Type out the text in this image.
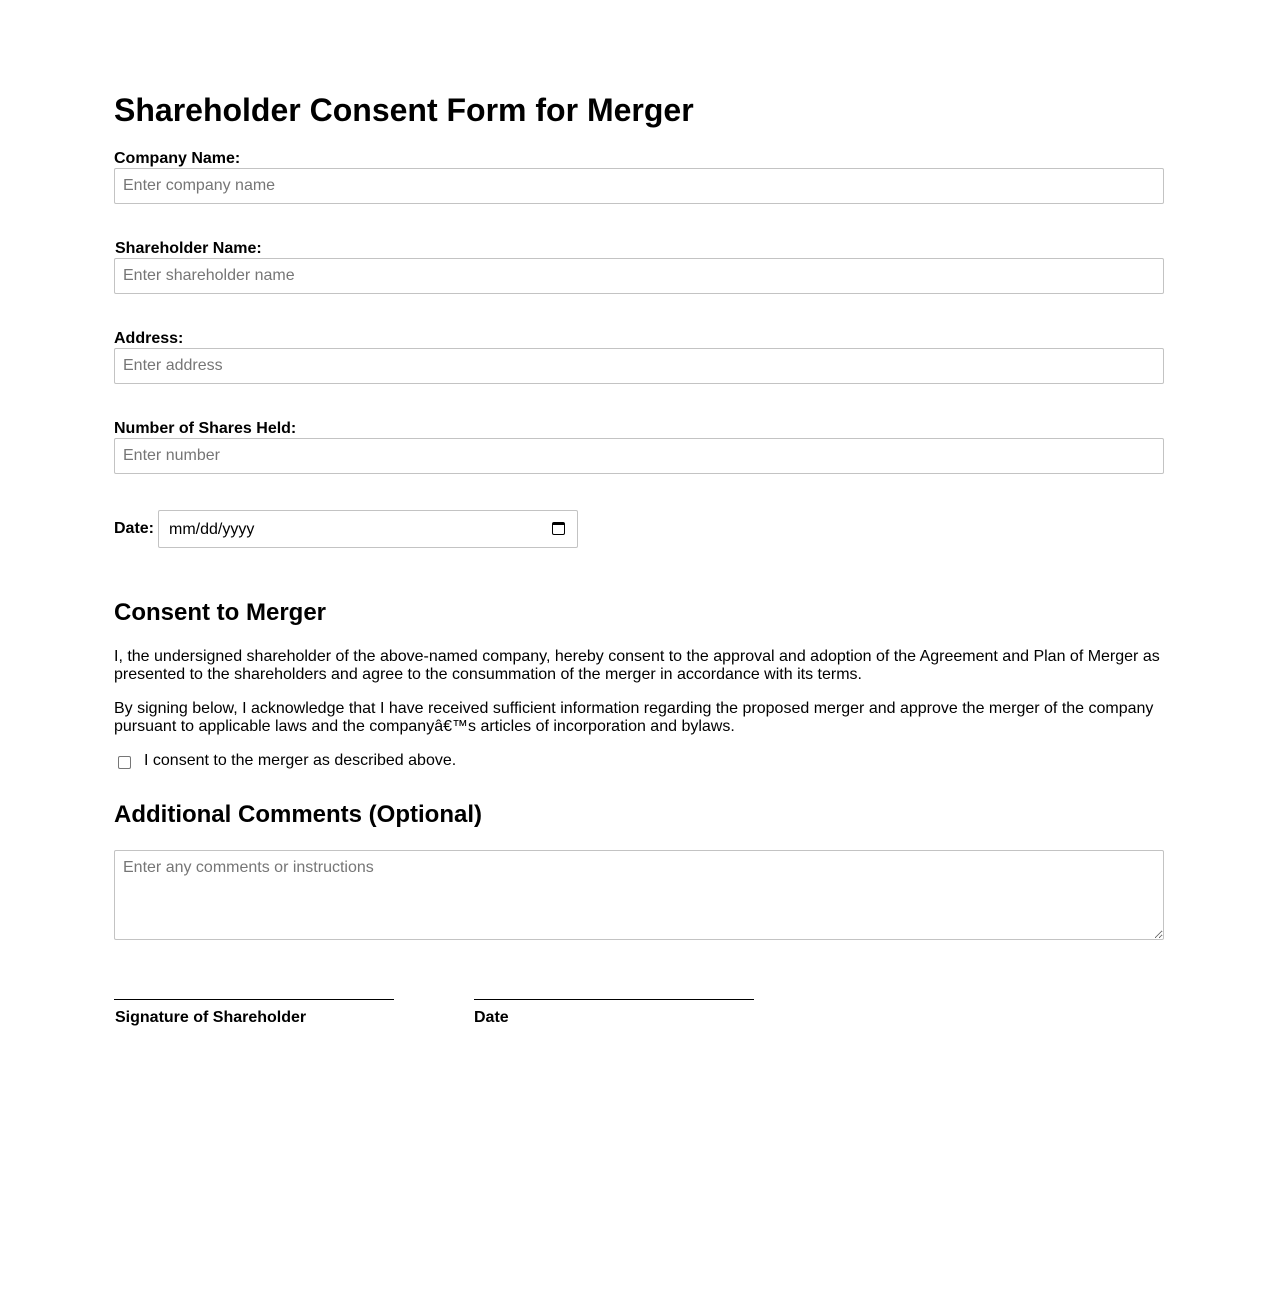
Shareholder Consent Form for Merger
Company Name:
Enter company name
Shareholder Name:
Enter shareholder name
Address:
Enter address
Number of Shares Held:
Enter number
Date: mm/dd/yyyy
Consent to Merger

I, the undersigned shareholder of the above-named company, hereby consent to the approval and adoption of the Agreement and Plan of Merger as presented to the shareholders and agree to the consummation of the merger in accordance with its terms.

By signing below, I acknowledge that I have received sufficient information regarding the proposed merger and approve the merger of the company pursuant to applicable laws and the companyâ€™s articles of incorporation and bylaws.

I consent to the merger as described above.
Additional Comments (Optional)
Enter any comments or instructions
Signature of Shareholder	Date
